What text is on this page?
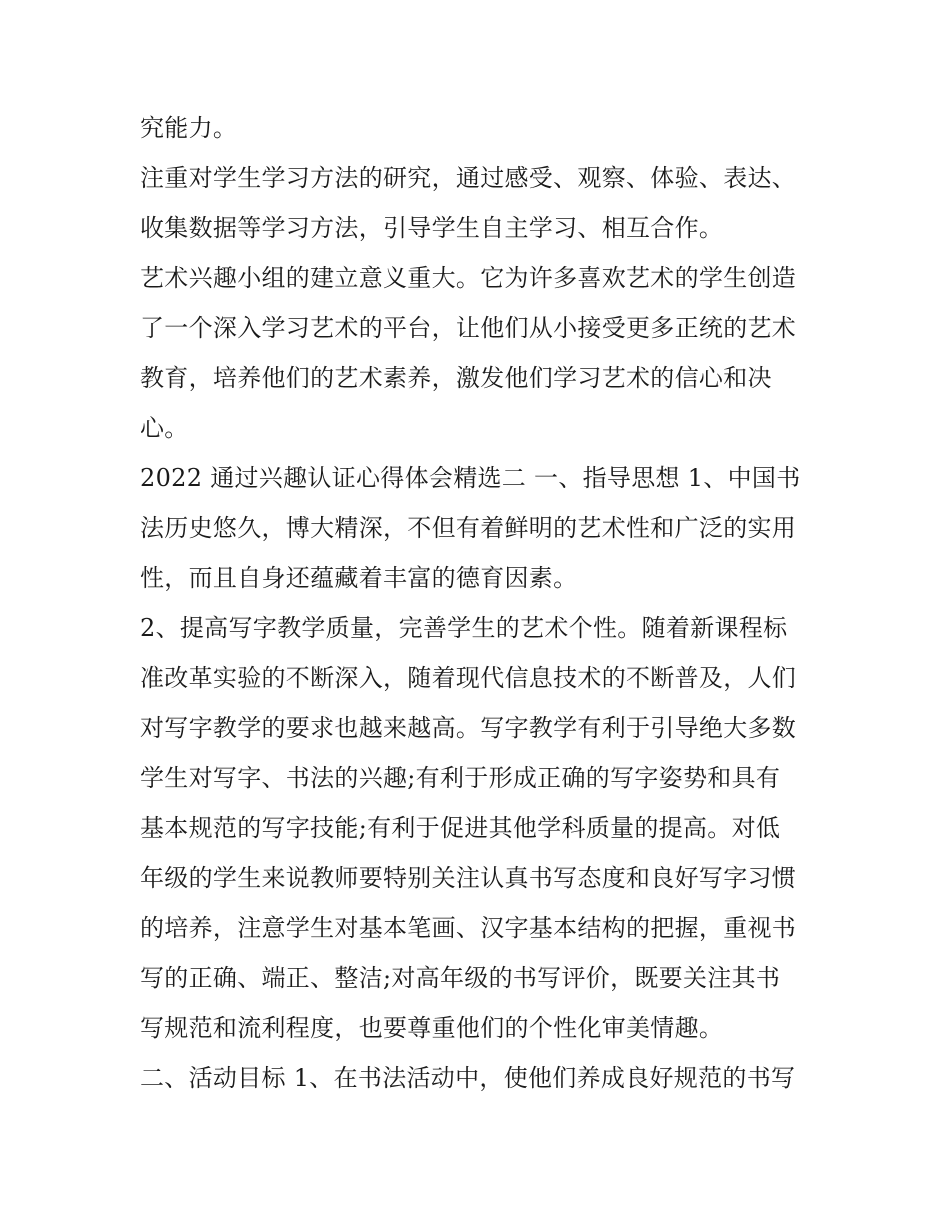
究能力。
注重对学生学习方法的研究，通过感受、观察、体验、表达、
收集数据等学习方法，引导学生自主学习、相互合作。
艺术兴趣小组的建立意义重大。它为许多喜欢艺术的学生创造
了一个深入学习艺术的平台，让他们从小接受更多正统的艺术
教育，培养他们的艺术素养，激发他们学习艺术的信心和决
心。
2022 通过兴趣认证心得体会精选二 一、指导思想 1、中国书
法历史悠久，博大精深，不但有着鲜明的艺术性和广泛的实用
性，而且自身还蕴藏着丰富的德育因素。
2、提高写字教学质量，完善学生的艺术个性。随着新课程标
准改革实验的不断深入，随着现代信息技术的不断普及，人们
对写字教学的要求也越来越高。写字教学有利于引导绝大多数
学生对写字、书法的兴趣;有利于形成正确的写字姿势和具有
基本规范的写字技能;有利于促进其他学科质量的提高。对低
年级的学生来说教师要特别关注认真书写态度和良好写字习惯
的培养，注意学生对基本笔画、汉字基本结构的把握，重视书
写的正确、端正、整洁;对高年级的书写评价，既要关注其书
写规范和流利程度，也要尊重他们的个性化审美情趣。
二、活动目标 1、在书法活动中，使他们养成良好规范的书写
